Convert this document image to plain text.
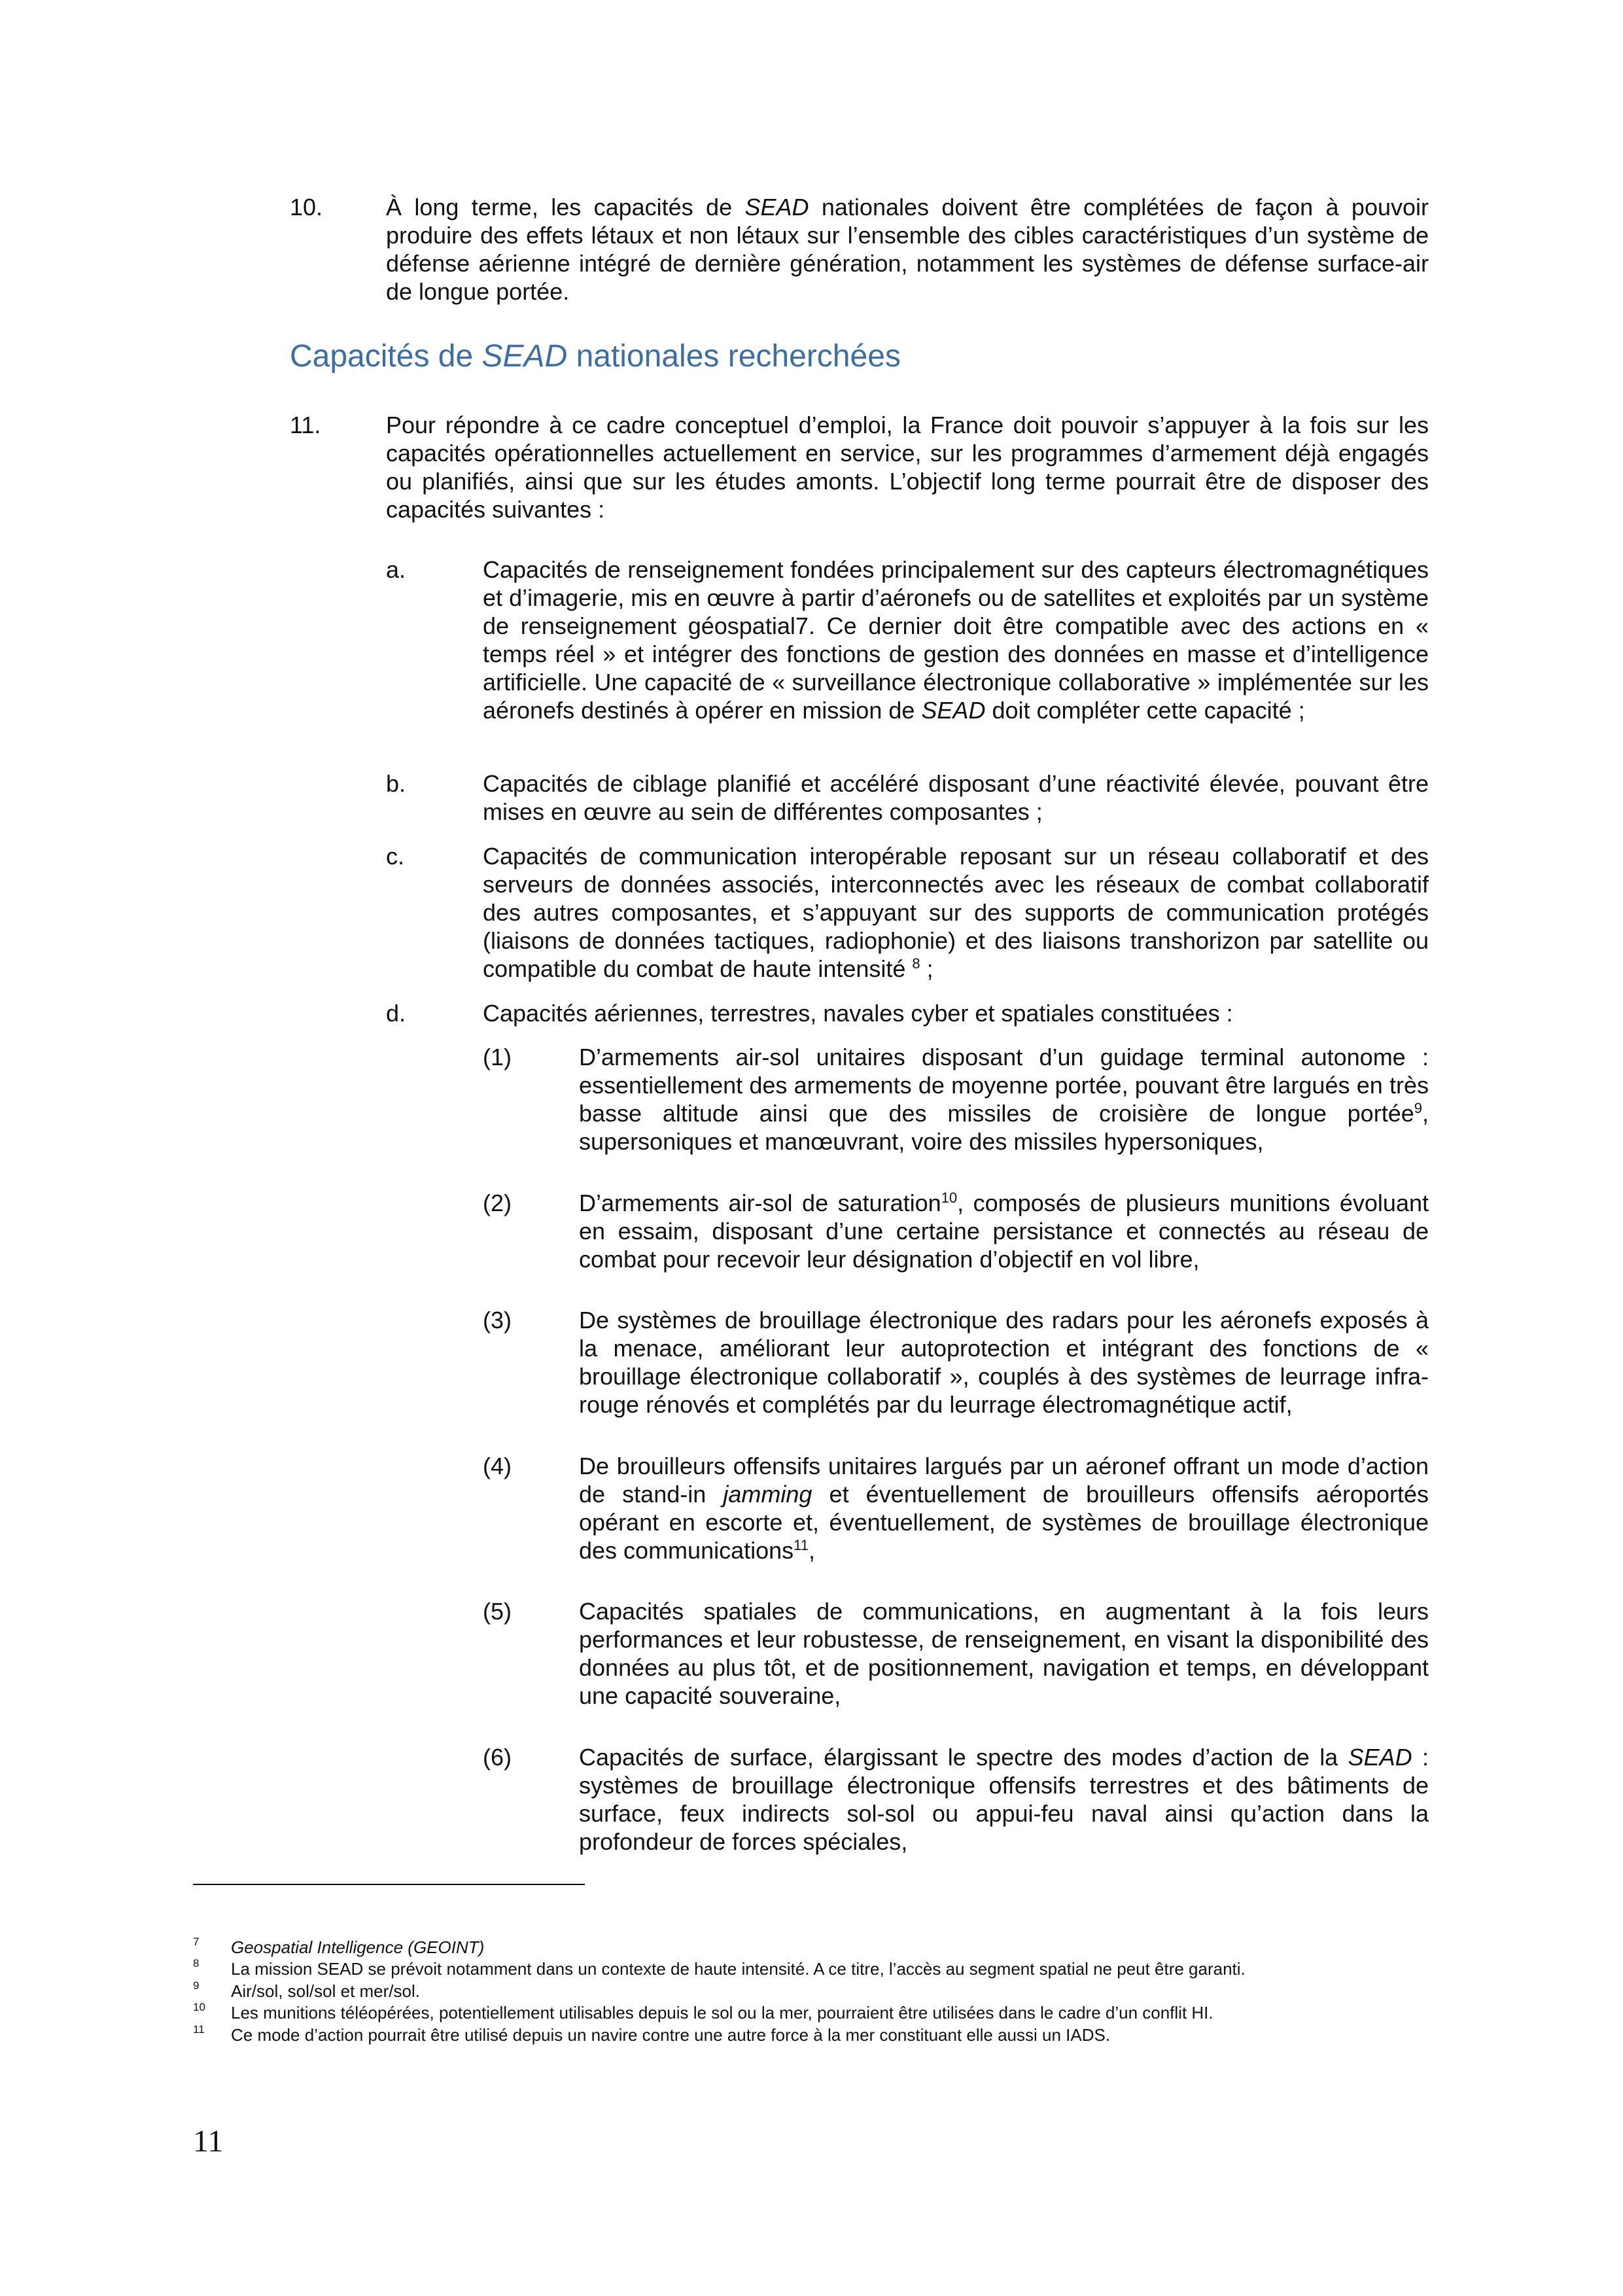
10.	À long terme, les capacités de SEAD nationales doivent être complétées de façon à pouvoir produire des effets létaux et non létaux sur l’ensemble des cibles caractéristiques d’un système de défense aérienne intégré de dernière génération, notamment les systèmes de défense surface-air de longue portée.
Capacités de SEAD nationales recherchées
11.	Pour répondre à ce cadre conceptuel d’emploi, la France doit pouvoir s’appuyer à la fois sur les capacités opérationnelles actuellement en service, sur les programmes d’armement déjà engagés ou planifiés, ainsi que sur les études amonts. L’objectif long terme pourrait être de disposer des capacités suivantes :
a.	Capacités de renseignement fondées principalement sur des capteurs électromagnétiques et d’imagerie, mis en œuvre à partir d’aéronefs ou de satellites et exploités par un système de renseignement géospatial7. Ce dernier doit être compatible avec des actions en « temps réel » et intégrer des fonctions de gestion des données en masse et d’intelligence artificielle. Une capacité de « surveillance électronique collaborative » implémentée sur les aéronefs destinés à opérer en mission de SEAD doit compléter cette capacité ;
b.	Capacités de ciblage planifié et accéléré disposant d’une réactivité élevée, pouvant être mises en œuvre au sein de différentes composantes ;
c.	Capacités de communication interopérable reposant sur un réseau collaboratif et des serveurs de données associés, interconnectés avec les réseaux de combat collaboratif des autres composantes, et s’appuyant sur des supports de communication protégés (liaisons de données tactiques, radiophonie) et des liaisons transhorizon par satellite ou compatible du combat de haute intensité $^8$ ;
d.	Capacités aériennes, terrestres, navales cyber et spatiales constituées :
(1)	D’armements air-sol unitaires disposant d’un guidage terminal autonome : essentiellement des armements de moyenne portée, pouvant être largués en très basse altitude ainsi que des missiles de croisière de longue portée$^9$, supersoniques et manœuvrant, voire des missiles hypersoniques,
(2)	D’armements air-sol de saturation$^{10}$, composés de plusieurs munitions évoluant en essaim, disposant d’une certaine persistance et connectés au réseau de combat pour recevoir leur désignation d’objectif en vol libre,
(3)	De systèmes de brouillage électronique des radars pour les aéronefs exposés à la menace, améliorant leur autoprotection et intégrant des fonctions de « brouillage électronique collaboratif », couplés à des systèmes de leurrage infra-rouge rénovés et complétés par du leurrage électromagnétique actif,
(4)	De brouilleurs offensifs unitaires largués par un aéronef offrant un mode d’action de stand-in jamming et éventuellement de brouilleurs offensifs aéroportés opérant en escorte et, éventuellement, de systèmes de brouillage électronique des communications$^{11}$,
(5)	Capacités spatiales de communications, en augmentant à la fois leurs performances et leur robustesse, de renseignement, en visant la disponibilité des données au plus tôt, et de positionnement, navigation et temps, en développant une capacité souveraine,
(6)	Capacités de surface, élargissant le spectre des modes d’action de la SEAD : systèmes de brouillage électronique offensifs terrestres et des bâtiments de surface, feux indirects sol-sol ou appui-feu naval ainsi qu’action dans la profondeur de forces spéciales,
7 Geospatial Intelligence (GEOINT)
8 La mission SEAD se prévoit notamment dans un contexte de haute intensité. A ce titre, l’accès au segment spatial ne peut être garanti.
9 Air/sol, sol/sol et mer/sol.
10 Les munitions téléopérées, potentiellement utilisables depuis le sol ou la mer, pourraient être utilisées dans le cadre d’un conflit HI.
11 Ce mode d’action pourrait être utilisé depuis un navire contre une autre force à la mer constituant elle aussi un IADS.
11
